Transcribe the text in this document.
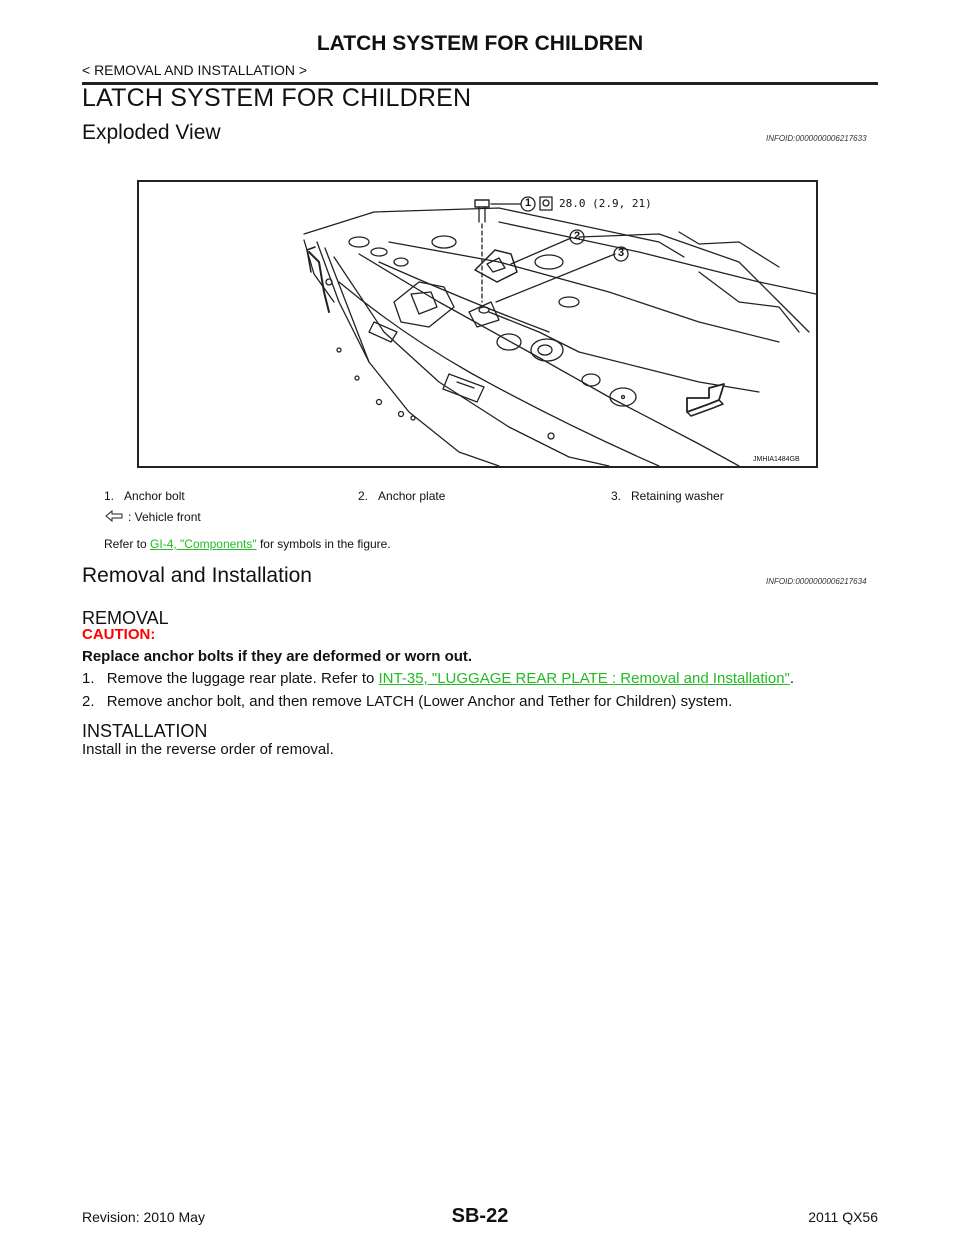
LATCH SYSTEM FOR CHILDREN
< REMOVAL AND INSTALLATION >
LATCH SYSTEM FOR CHILDREN
Exploded View	INFOID:0000000006217633
1
2
3
28.0 (2.9, 21)
JMHIA1484GB
1.   Anchor bolt	2.   Anchor plate	3.   Retaining washer
: Vehicle front
Refer to GI-4, "Components" for symbols in the figure.
Removal and Installation	INFOID:0000000006217634
REMOVAL
CAUTION:
Replace anchor bolts if they are deformed or worn out.
1. Remove the luggage rear plate. Refer to INT-35, "LUGGAGE REAR PLATE : Removal and Installation".
2. Remove anchor bolt, and then remove LATCH (Lower Anchor and Tether for Children) system.
INSTALLATION
Install in the reverse order of removal.
Revision: 2010 May	SB-22	2011 QX56
